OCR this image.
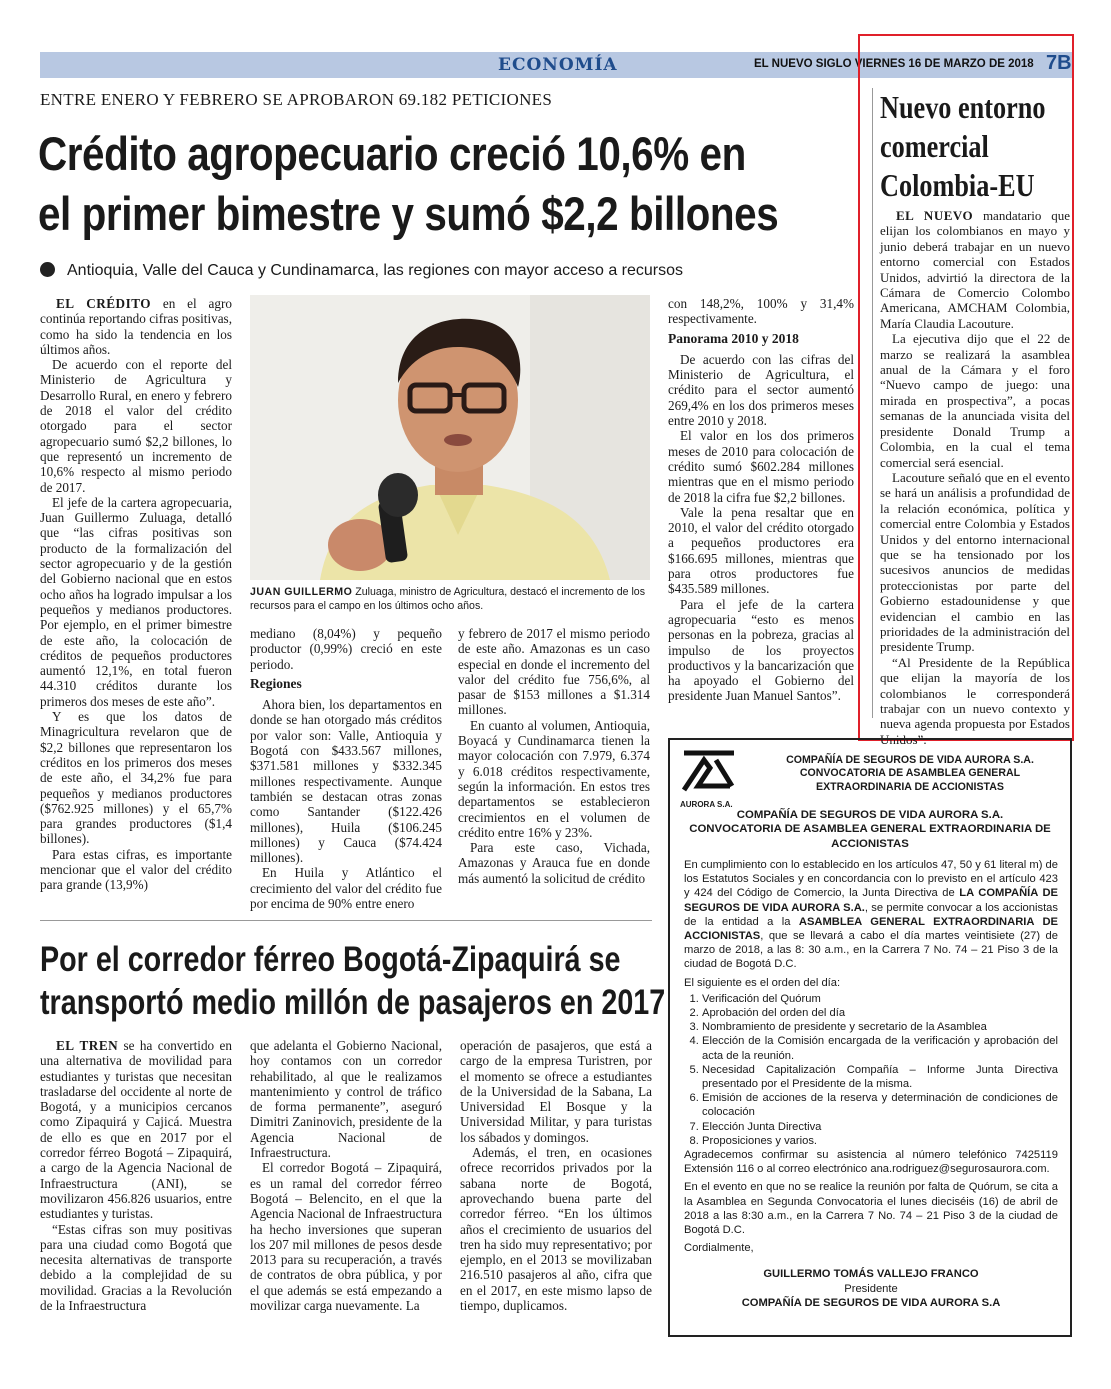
ECONOMÍA	EL NUEVO SIGLO VIERNES 16 DE MARZO DE 2018 7B
ENTRE ENERO Y FEBRERO SE APROBARON 69.182 PETICIONES
Crédito agropecuario creció 10,6% en
el primer bimestre y sumó $2,2 billones
Antioquia, Valle del Cauca y Cundinamarca, las regiones con mayor acceso a recursos

EL CRÉDITO en el agro continúa reportando cifras positivas, como ha sido la tendencia en los últimos años.

De acuerdo con el reporte del Ministerio de Agricultura y Desarrollo Rural, en enero y febrero de 2018 el valor del crédito otorgado para el sector agropecuario sumó $2,2 billones, lo que representó un incremento de 10,6% respecto al mismo periodo de 2017.

El jefe de la cartera agropecuaria, Juan Guillermo Zuluaga, detalló que “las cifras positivas son producto de la formalización del sector agropecuario y de la gestión del Gobierno nacional que en estos ocho años ha logrado impulsar a los pequeños y medianos productores. Por ejemplo, en el primer bimestre de este año, la colocación de créditos de pequeños productores aumentó 12,1%, en total fueron 44.310 créditos durante los primeros dos meses de este año”.

Y es que los datos de Minagricultura revelaron que de $2,2 billones que representaron los créditos en los primeros dos meses de este año, el 34,2% fue para pequeños y medianos productores ($762.925 millones) y el 65,7% para grandes productores ($1,4 billones).

Para estas cifras, es importante mencionar que el valor del crédito para grande (13,9%)

JUAN GUILLERMO Zuluaga, ministro de Agricultura, destacó el incremento de los recursos para el campo en los últimos ocho años.

mediano (8,04%) y pequeño productor (0,99%) creció en este periodo.

Regiones

Ahora bien, los departamentos en donde se han otorgado más créditos por valor son: Valle, Antioquia y Bogotá con $433.567 millones, $371.581 millones y $332.345 millones respectivamente. Aunque también se destacan otras zonas como Santander ($122.426 millones), Huila ($106.245 millones) y Cauca ($74.424 millones).

En Huila y Atlántico el crecimiento del valor del crédito fue por encima de 90% entre enero

y febrero de 2017 el mismo periodo de este año. Amazonas es un caso especial en donde el incremento del valor del crédito fue 756,6%, al pasar de $153 millones a $1.314 millones.

En cuanto al volumen, Antioquia, Boyacá y Cundinamarca tienen la mayor colocación con 7.979, 6.374 y 6.018 créditos respectivamente, según la información. En estos tres departamentos se establecieron crecimientos en el volumen de crédito entre 16% y 23%.

Para este caso, Vichada, Amazonas y Arauca fue en donde más aumentó la solicitud de crédito

con 148,2%, 100% y 31,4% respectivamente.

Panorama 2010 y 2018

De acuerdo con las cifras del Ministerio de Agricultura, el crédito para el sector aumentó 269,4% en los dos primeros meses entre 2010 y 2018.

El valor en los dos primeros meses de 2010 para colocación de crédito sumó $602.284 millones mientras que en el mismo periodo de 2018 la cifra fue $2,2 billones.

Vale la pena resaltar que en 2010, el valor del crédito otorgado a pequeños productores era $166.695 millones, mientras que para otros productores fue $435.589 millones.

Para el jefe de la cartera agropecuaria “esto es menos personas en la pobreza, gracias al impulso de los proyectos productivos y la bancarización que ha apoyado el Gobierno del presidente Juan Manuel Santos”.

Por el corredor férreo Bogotá-Zipaquirá se
transportó medio millón de pasajeros en 2017

EL TREN se ha convertido en una alternativa de movilidad para estudiantes y turistas que necesitan trasladarse del occidente al norte de Bogotá, y a municipios cercanos como Zipaquirá y Cajicá. Muestra de ello es que en 2017 por el corredor férreo Bogotá – Zipaquirá, a cargo de la Agencia Nacional de Infraestructura (ANI), se movilizaron 456.826 usuarios, entre estudiantes y turistas.

“Estas cifras son muy positivas para una ciudad como Bogotá que necesita alternativas de transporte debido a la complejidad de su movilidad. Gracias a la Revolución de la Infraestructura

que adelanta el Gobierno Nacional, hoy contamos con un corredor rehabilitado, al que le realizamos mantenimiento y control de tráfico de forma permanente”, aseguró Dimitri Zaninovich, presidente de la Agencia Nacional de Infraestructura.

El corredor Bogotá – Zipaquirá, es un ramal del corredor férreo Bogotá – Belencito, en el que la Agencia Nacional de Infraestructura ha hecho inversiones que superan los 207 mil millones de pesos desde 2013 para su recuperación, a través de contratos de obra pública, y por el que además se está empezando a movilizar carga nuevamente. La

operación de pasajeros, que está a cargo de la empresa Turistren, por el momento se ofrece a estudiantes de la Universidad de la Sabana, La Universidad El Bosque y la Universidad Militar, y para turistas los sábados y domingos.

Además, el tren, en ocasiones ofrece recorridos privados por la sabana norte de Bogotá, aprovechando buena parte del corredor férreo. “En los últimos años el crecimiento de usuarios del tren ha sido muy representativo; por ejemplo, en el 2013 se movilizaban 216.510 pasajeros al año, cifra que en el 2017, en este mismo lapso de tiempo, duplicamos.

Nuevo entorno
comercial
Colombia-EU

EL NUEVO mandatario que elijan los colombianos en mayo y junio deberá trabajar en un nuevo entorno comercial con Estados Unidos, advirtió la directora de la Cámara de Comercio Colombo Americana, AMCHAM Colombia, María Claudia Lacouture.

La ejecutiva dijo que el 22 de marzo se realizará la asamblea anual de la Cámara y el foro “Nuevo campo de juego: una mirada en prospectiva”, a pocas semanas de la anunciada visita del presidente Donald Trump a Colombia, en la cual el tema comercial será esencial.

Lacouture señaló que en el evento se hará un análisis a profundidad de la relación económica, política y comercial entre Colombia y Estados Unidos y del entorno internacional que se ha tensionado por los sucesivos anuncios de medidas proteccionistas por parte del Gobierno estadounidense y que evidencian el cambio en las prioridades de la administración del presidente Trump.

“Al Presidente de la República que elijan la mayoría de los colombianos le corresponderá trabajar con un nuevo contexto y nueva agenda propuesta por Estados Unidos”.

AURORA S.A.
COMPAÑÍA DE SEGUROS DE VIDA AURORA S.A.
CONVOCATORIA DE ASAMBLEA GENERAL
EXTRAORDINARIA DE ACCIONISTAS
COMPAÑÍA DE SEGUROS DE VIDA AURORA S.A.
CONVOCATORIA DE ASAMBLEA GENERAL EXTRAORDINARIA DE ACCIONISTAS
En cumplimiento con lo establecido en los artículos 47, 50 y 61 literal m) de los Estatutos Sociales y en concordancia con lo previsto en el artículo 423 y 424 del Código de Comercio, la Junta Directiva de LA COMPAÑÍA DE SEGUROS DE VIDA AURORA S.A., se permite convocar a los accionistas de la entidad a la ASAMBLEA GENERAL EXTRAORDINARIA DE ACCIONISTAS, que se llevará a cabo el día martes veintisiete (27) de marzo de 2018, a las 8: 30 a.m., en la Carrera 7 No. 74 – 21 Piso 3 de la ciudad de Bogotá D.C.
El siguiente es el orden del día:
1. Verificación del Quórum
2. Aprobación del orden del día
3. Nombramiento de presidente y secretario de la Asamblea
4. Elección de la Comisión encargada de la verificación y aprobación del acta de la reunión.
5. Necesidad Capitalización Compañía – Informe Junta Directiva presentado por el Presidente de la misma.
6. Emisión de acciones de la reserva y determinación de condiciones de colocación
7. Elección Junta Directiva
8. Proposiciones y varios.
Agradecemos confirmar su asistencia al número telefónico 7425119 Extensión 116 o al correo electrónico ana.rodriguez@segurosaurora.com.
En el evento en que no se realice la reunión por falta de Quórum, se cita a la Asamblea en Segunda Convocatoria el lunes dieciséis (16) de abril de 2018 a las 8:30 a.m., en la Carrera 7 No. 74 – 21 Piso 3 de la ciudad de Bogotá D.C.
Cordialmente,
GUILLERMO TOMÁS VALLEJO FRANCO
Presidente
COMPAÑÍA DE SEGUROS DE VIDA AURORA S.A
